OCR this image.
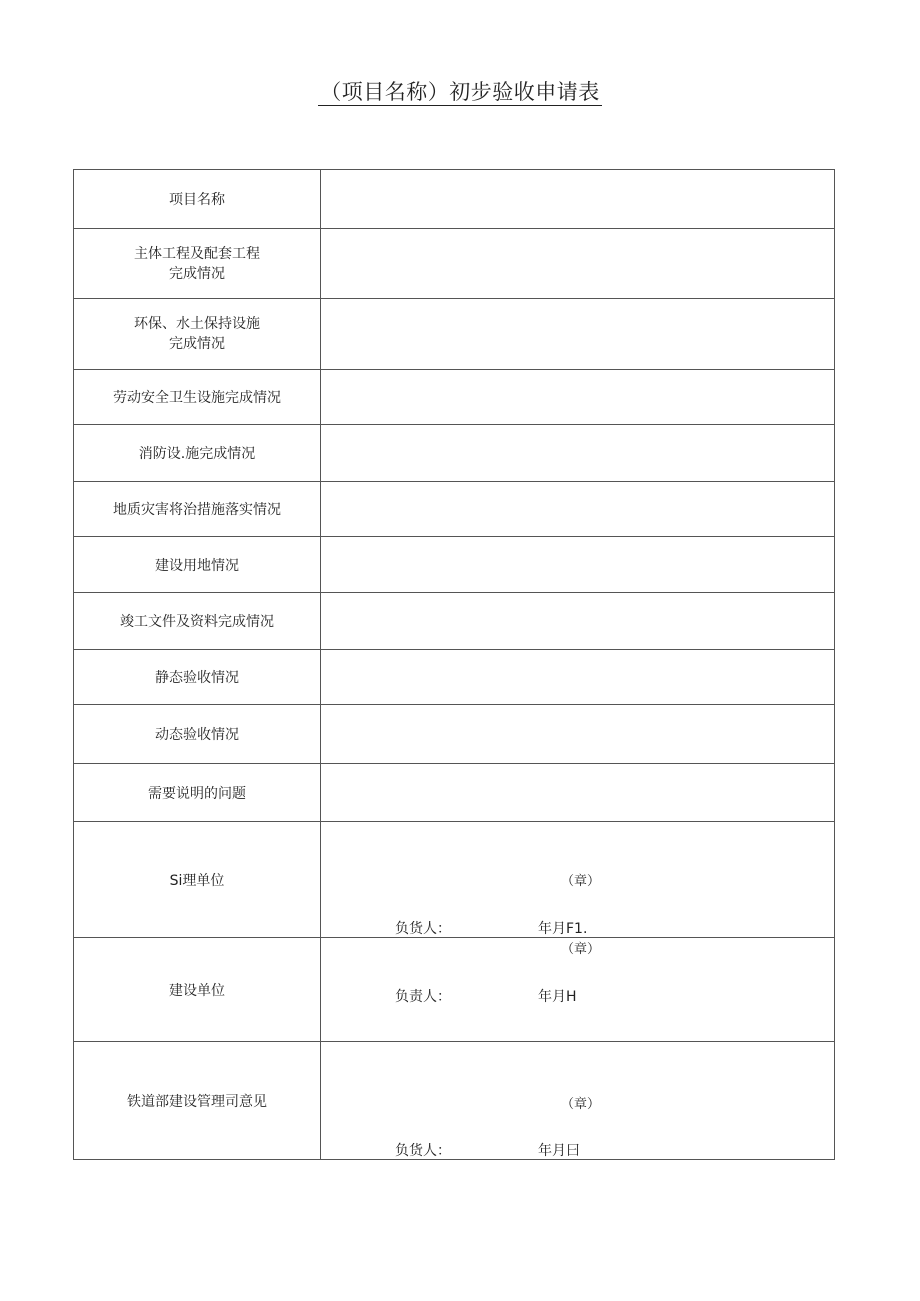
（项目名称）初步验收申请表
项目名称	

主体工程及配套工程
完成情况	

环保、水土保持设施
完成情况	

劳动安全卫生设施完成情况	
消防设.施完成情况	
地质灾害将治措施落实情况	
建设用地情况	
竣工文件及资料完成情况	
静态验收情况	
动态验收情况	
需要说明的问题	
Si理单位	（章）
负货人： 年月F1.

建设单位	（章）
负责人： 年月H

铁道部建设管理司意见	（章）
负货人： 年月曰
